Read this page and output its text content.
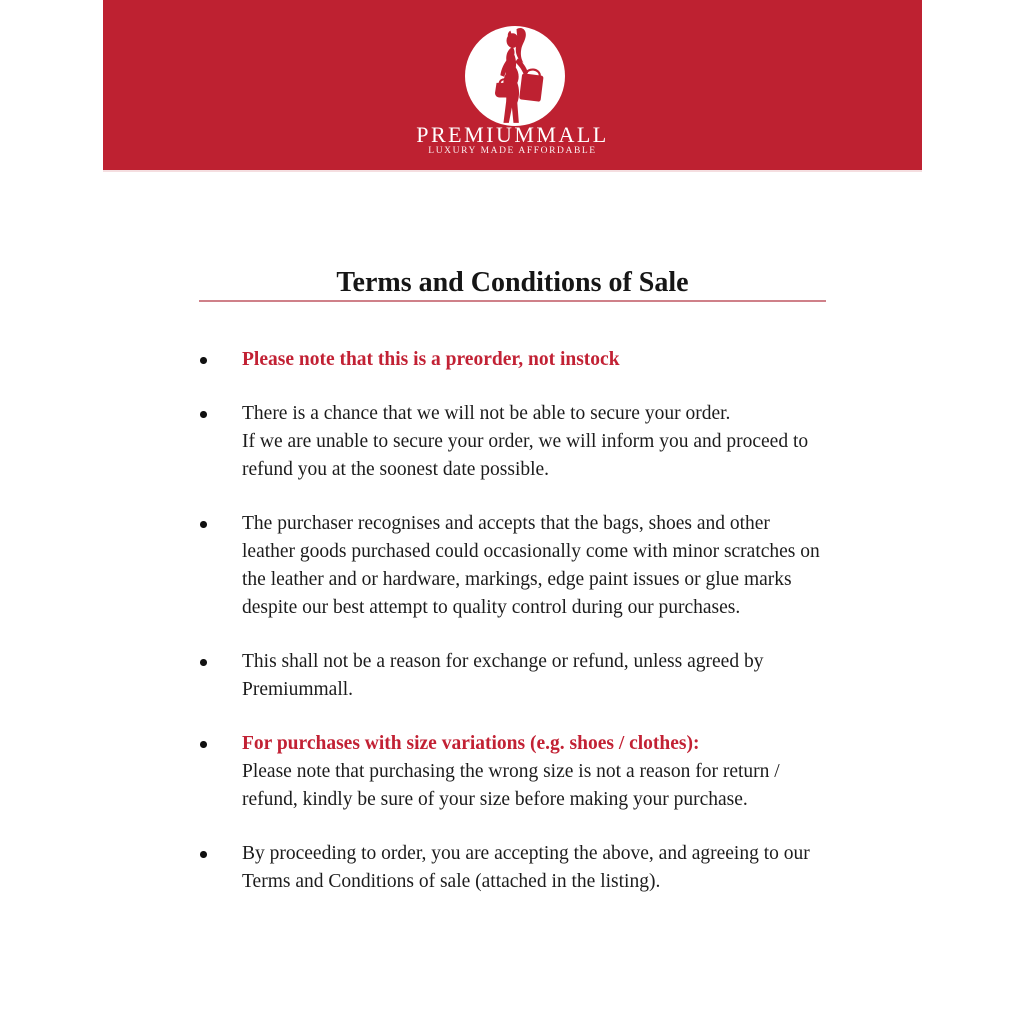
PREMIUMMALL
LUXURY MADE AFFORDABLE
Terms and Conditions of Sale
Please note that this is a preorder, not instock
There is a chance that we will not be able to secure your order.
If we are unable to secure your order, we will inform you and proceed to
refund you at the soonest date possible.
The purchaser recognises and accepts that the bags, shoes and other
leather goods purchased could occasionally come with minor scratches on
the leather and or hardware, markings, edge paint issues or glue marks
despite our best attempt to quality control during our purchases.
This shall not be a reason for exchange or refund, unless agreed by
Premiummall.
For purchases with size variations (e.g. shoes / clothes):
Please note that purchasing the wrong size is not a reason for return /
refund, kindly be sure of your size before making your purchase.
By proceeding to order, you are accepting the above, and agreeing to our
Terms and Conditions of sale (attached in the listing).
